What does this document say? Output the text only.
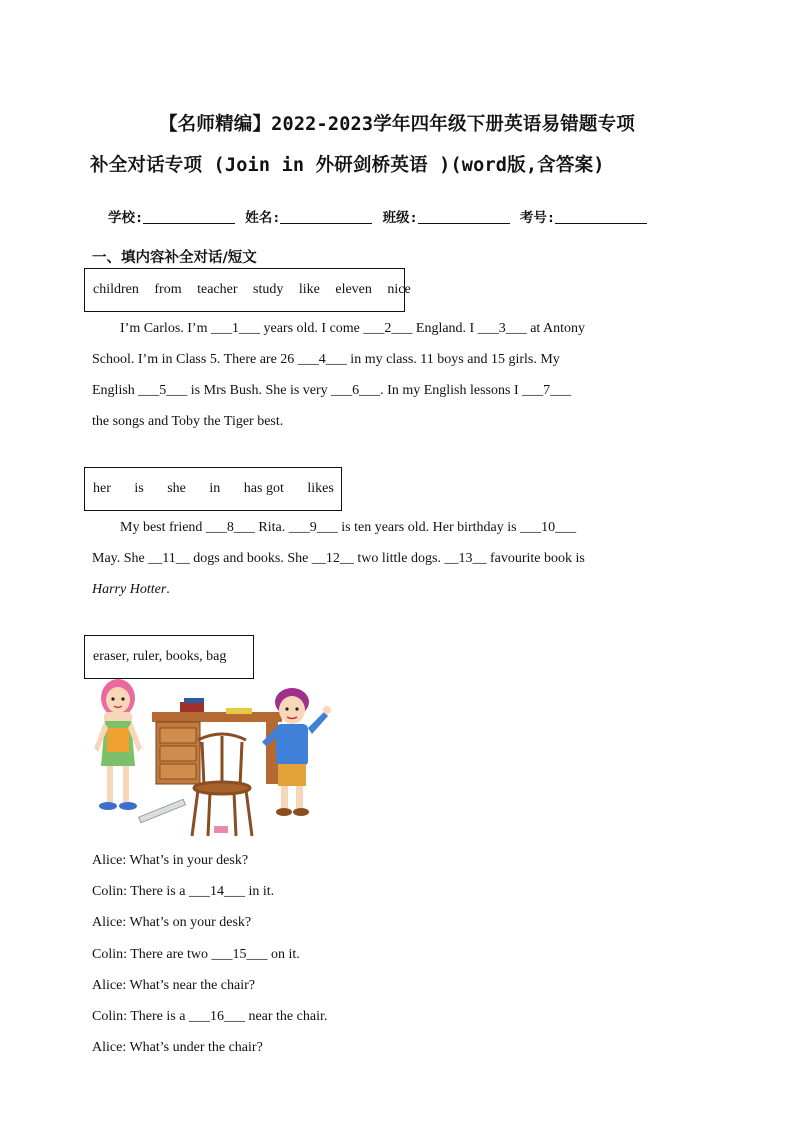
【名师精编】2022-2023学年四年级下册英语易错题专项
补全对话专项 (Join in 外研剑桥英语 )(word版,含答案)
学校:	姓名:	班级:	考号:
一、填内容补全对话/短文
children from teacher study like eleven nice
I’m Carlos. I’m ___1___ years old. I come ___2___ England. I ___3___ at Antony
School. I’m in Class 5. There are 26 ___4___ in my class. 11 boys and 15 girls. My
English ___5___ is Mrs Bush. She is very ___6___. In my English lessons I ___7___
the songs and Toby the Tiger best.
her is she in has got likes
My best friend ___8___ Rita. ___9___ is ten years old. Her birthday is ___10___
May. She __11__ dogs and books. She __12__ two little dogs. __13__ favourite book is
Harry Hotter.
eraser, ruler, books, bag
Alice: What’s in your desk?
Colin: There is a ___14___ in it.
Alice: What’s on your desk?
Colin: There are two ___15___ on it.
Alice: What’s near the chair?
Colin: There is a ___16___ near the chair.
Alice: What’s under the chair?
